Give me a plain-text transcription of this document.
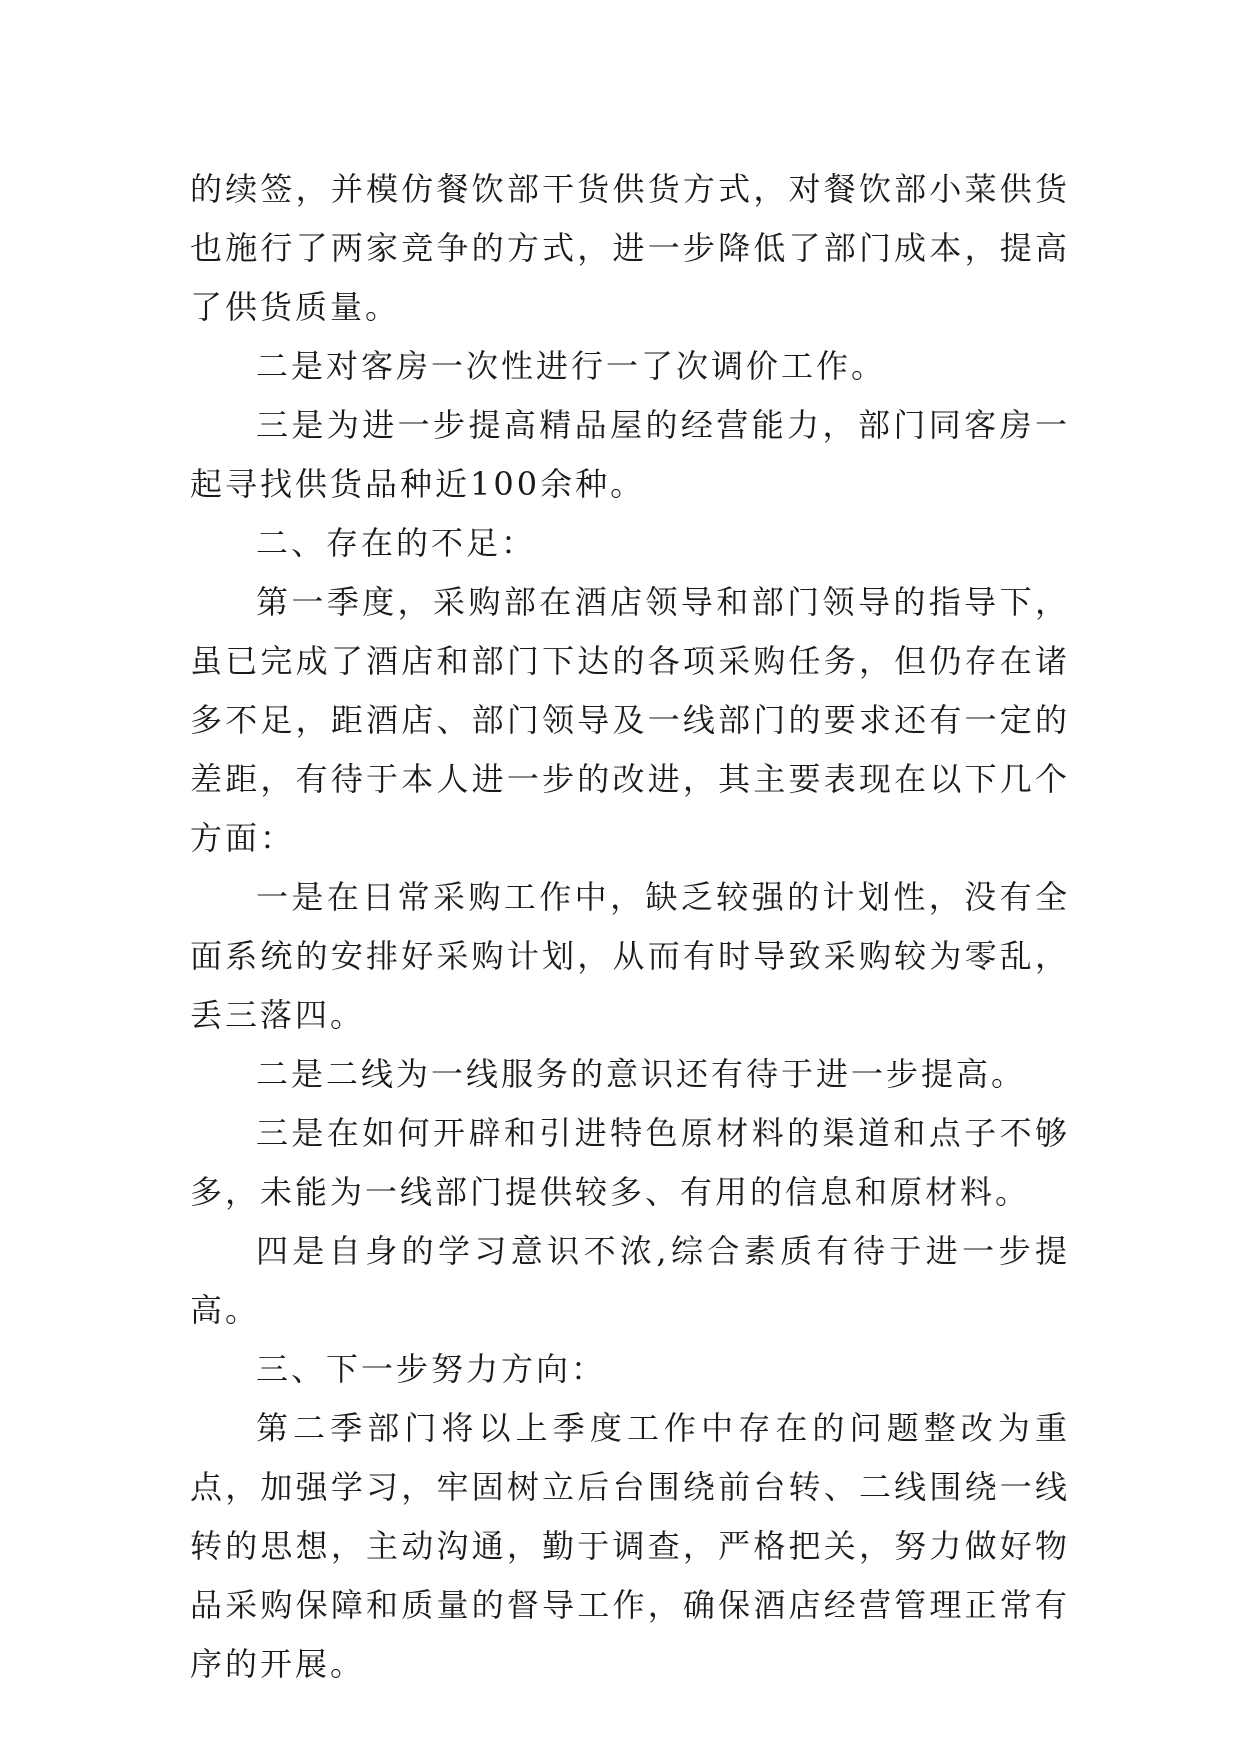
的续签，并模仿餐饮部干货供货方式，对餐饮部小菜供货也施行了两家竞争的方式，进一步降低了部门成本，提高了供货质量。

二是对客房一次性进行一了次调价工作。

三是为进一步提高精品屋的经营能力，部门同客房一起寻找供货品种近100余种。

二、存在的不足：

第一季度，采购部在酒店领导和部门领导的指导下，虽已完成了酒店和部门下达的各项采购任务，但仍存在诸多不足，距酒店、部门领导及一线部门的要求还有一定的差距，有待于本人进一步的改进，其主要表现在以下几个方面：

一是在日常采购工作中，缺乏较强的计划性，没有全面系统的安排好采购计划，从而有时导致采购较为零乱，丢三落四。

二是二线为一线服务的意识还有待于进一步提高。

三是在如何开辟和引进特色原材料的渠道和点子不够多，未能为一线部门提供较多、有用的信息和原材料。

四是自身的学习意识不浓,综合素质有待于进一步提高。

三、下一步努力方向：

第二季部门将以上季度工作中存在的问题整改为重点，加强学习，牢固树立后台围绕前台转、二线围绕一线转的思想，主动沟通，勤于调查，严格把关，努力做好物品采购保障和质量的督导工作，确保酒店经营管理正常有序的开展。
